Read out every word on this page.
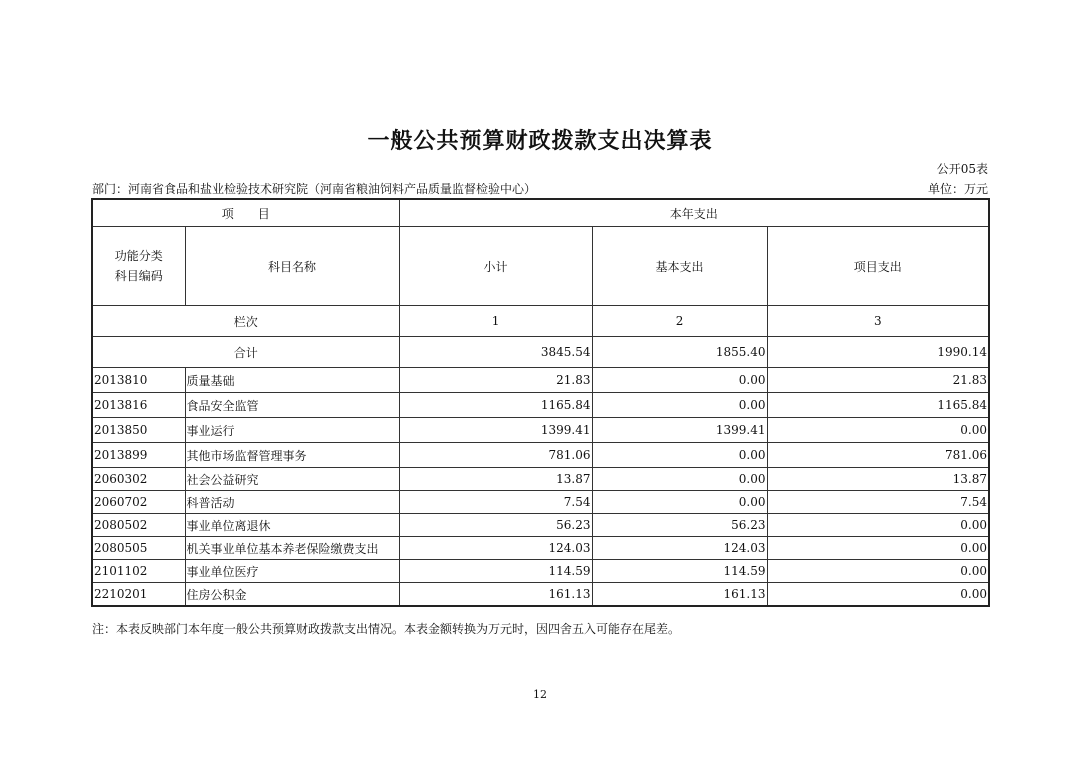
一般公共预算财政拨款支出决算表
公开05表
部门：河南省食品和盐业检验技术研究院（河南省粮油饲料产品质量监督检验中心）	单位：万元
项　　目		本年支出		

功能分类
科目编码	科目名称	小计	基本支出	项目支出
栏次		1	2	3
合计		3845.54	1855.40	1990.14
2013810	质量基础	21.83	0.00	21.83
2013816	食品安全监管	1165.84	0.00	1165.84
2013850	事业运行	1399.41	1399.41	0.00
2013899	其他市场监督管理事务	781.06	0.00	781.06
2060302	社会公益研究	13.87	0.00	13.87
2060702	科普活动	7.54	0.00	7.54
2080502	事业单位离退休	56.23	56.23	0.00
2080505	机关事业单位基本养老保险缴费支出	124.03	124.03	0.00
2101102	事业单位医疗	114.59	114.59	0.00
2210201	住房公积金	161.13	161.13	0.00
注：本表反映部门本年度一般公共预算财政拨款支出情况。本表金额转换为万元时，因四舍五入可能存在尾差。
12
